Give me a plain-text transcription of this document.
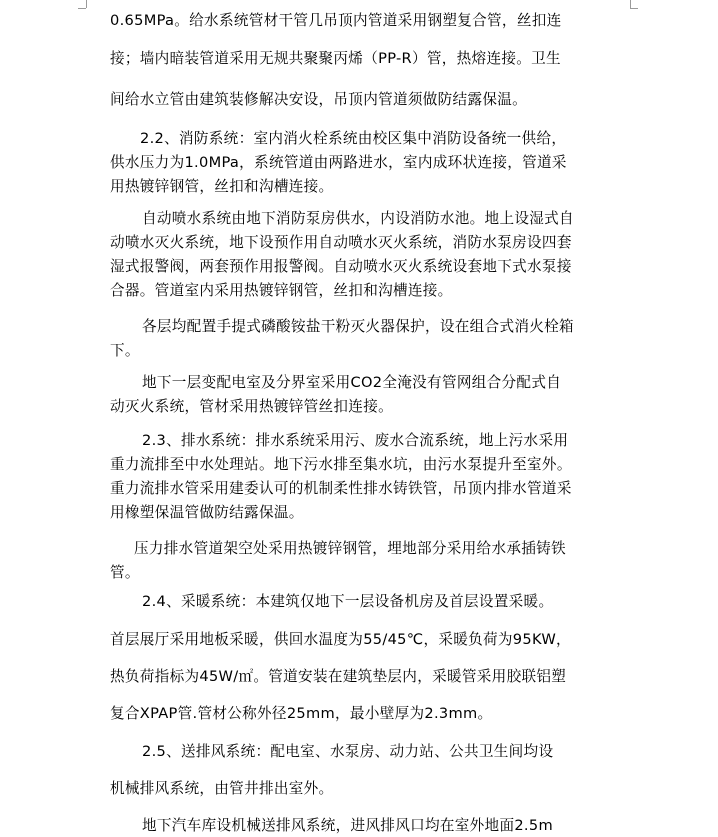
0.65MPa。给水系统管材干管几吊顶内管道采用钢塑复合管，丝扣连
接；墙内暗装管道采用无规共聚聚丙烯（PP-R）管，热熔连接。卫生
间给水立管由建筑装修解决安设，吊顶内管道须做防结露保温。
2.2、消防系统：室内消火栓系统由校区集中消防设备统一供给，
供水压力为1.0MPa，系统管道由两路进水，室内成环状连接，管道采
用热镀锌钢管，丝扣和沟槽连接。
自动喷水系统由地下消防泵房供水，内设消防水池。地上设湿式自
动喷水灭火系统，地下设预作用自动喷水灭火系统，消防水泵房设四套
湿式报警阀，两套预作用报警阀。自动喷水灭火系统设套地下式水泵接
合器。管道室内采用热镀锌钢管，丝扣和沟槽连接。
各层均配置手提式磷酸铵盐干粉灭火器保护，设在组合式消火栓箱
下。
地下一层变配电室及分界室采用CO2全淹没有管网组合分配式自
动灭火系统，管材采用热镀锌管丝扣连接。
2.3、排水系统：排水系统采用污、废水合流系统，地上污水采用
重力流排至中水处理站。地下污水排至集水坑，由污水泵提升至室外。
重力流排水管采用建委认可的机制柔性排水铸铁管，吊顶内排水管道采
用橡塑保温管做防结露保温。
压力排水管道架空处采用热镀锌钢管，埋地部分采用给水承插铸铁
管。
2.4、采暖系统：本建筑仅地下一层设备机房及首层设置采暖。
首层展厅采用地板采暖，供回水温度为55/45℃，采暖负荷为95KW，
热负荷指标为45W/㎡。管道安装在建筑垫层内，采暖管采用胶联铝塑
复合XPAP管.管材公称外径25mm，最小壁厚为2.3mm。
2.5、送排风系统：配电室、水泵房、动力站、公共卫生间均设
机械排风系统，由管井排出室外。
地下汽车库设机械送排风系统，进风排风口均在室外地面2.5m
